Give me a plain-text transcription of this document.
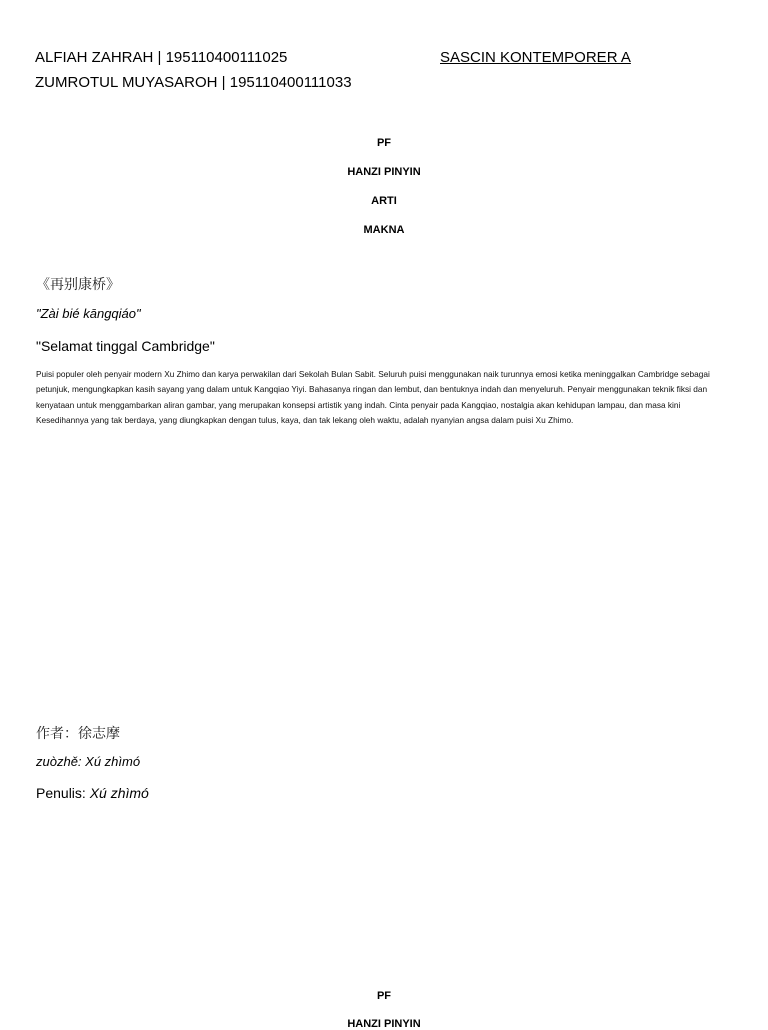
ALFIAH ZAHRAH | 195110400111025
ZUMROTUL MUYASAROH | 195110400111033
SASCIN KONTEMPORER A
PF
HANZI PINYIN
ARTI
MAKNA
《再别康桥》
"Zài bié kāngqiáo"
"Selamat tinggal Cambridge"
Puisi populer oleh penyair modern Xu Zhimo dan karya perwakilan dari Sekolah Bulan Sabit. Seluruh puisi menggunakan naik turunnya emosi ketika meninggalkan Cambridge sebagai petunjuk, mengungkapkan kasih sayang yang dalam untuk Kangqiao Yiyi. Bahasanya ringan dan lembut, dan bentuknya indah dan menyeluruh. Penyair menggunakan teknik fiksi dan kenyataan untuk menggambarkan aliran gambar, yang merupakan konsepsi artistik yang indah. Cinta penyair pada Kangqiao, nostalgia akan kehidupan lampau, dan masa kini Kesedihannya yang tak berdaya, yang diungkapkan dengan tulus, kaya, dan tak lekang oleh waktu, adalah nyanyian angsa dalam puisi Xu Zhimo.
作者：徐志摩
zuòzhě: Xú zhìmó
Penulis: Xú zhìmó
PF
HANZI PINYIN
